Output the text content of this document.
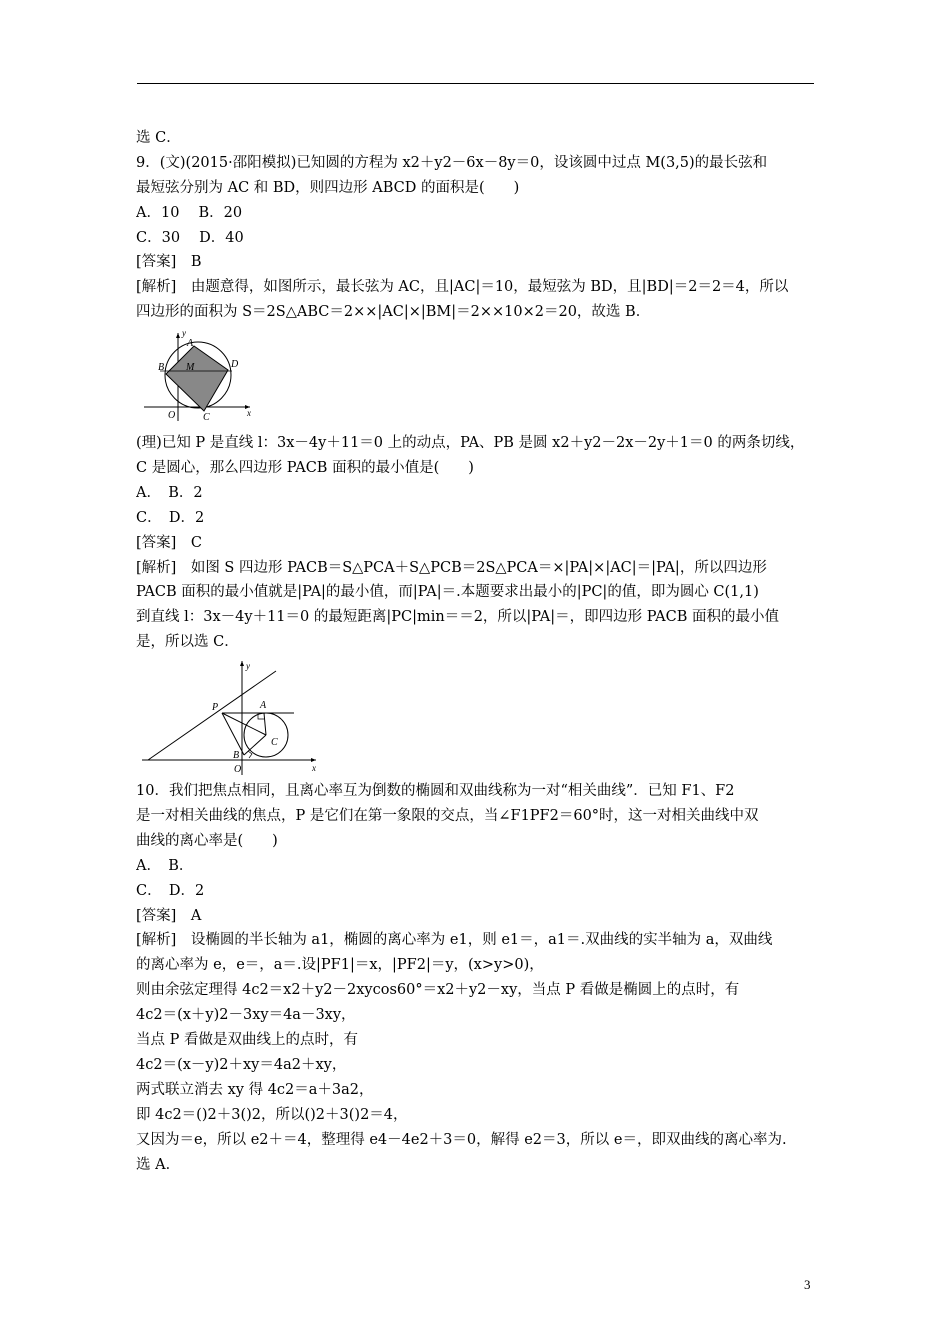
选 C．
9．(文)(2015·邵阳模拟)已知圆的方程为 x2＋y2－6x－8y＝0，设该圆中过点 M(3,5)的最长弦和
最短弦分别为 AC 和 BD，则四边形 ABCD 的面积是(　　)
A．10　 B．20
C．30　 D．40
[答案]　B
[解析]　由题意得，如图所示，最长弦为 AC，且|AC|＝10，最短弦为 BD，且|BD|＝2＝2＝4，所以
四边形的面积为 S＝2S△ABC＝2××|AC|×|BM|＝2××10×2＝20，故选 B．
y
A
B M	D
O	C	x
(理)已知 P 是直线 l：3x－4y＋11＝0 上的动点，PA、PB 是圆 x2＋y2－2x－2y＋1＝0 的两条切线，
C 是圆心，那么四边形 PACB 面积的最小值是(　　)
A．　B．2
C．　D．2
[答案]　C
[解析]　如图 S 四边形 PACB＝S△PCA＋S△PCB＝2S△PCA＝×|PA|×|AC|＝|PA|，所以四边形
PACB 面积的最小值就是|PA|的最小值，而|PA|＝.本题要求出最小的|PC|的值，即为圆心 C(1,1)
到直线 l：3x－4y＋11＝0 的最短距离|PC|min＝＝2，所以|PA|＝，即四边形 PACB 面积的最小值
是，所以选 C．
y
P	A
C
B
O	x
10．我们把焦点相同，且离心率互为倒数的椭圆和双曲线称为一对“相关曲线”．已知 F1、F2
是一对相关曲线的焦点，P 是它们在第一象限的交点，当∠F1PF2＝60°时，这一对相关曲线中双
曲线的离心率是(　　)
A．　B．
C．　D．2
[答案]　A
[解析]　设椭圆的半长轴为 a1，椭圆的离心率为 e1，则 e1＝，a1＝.双曲线的实半轴为 a，双曲线
的离心率为 e，e＝，a＝.设|PF1|＝x，|PF2|＝y，(x>y>0)，
则由余弦定理得 4c2＝x2＋y2－2xycos60°＝x2＋y2－xy，当点 P 看做是椭圆上的点时，有
4c2＝(x＋y)2－3xy＝4a－3xy，
当点 P 看做是双曲线上的点时，有
4c2＝(x－y)2＋xy＝4a2＋xy，
两式联立消去 xy 得 4c2＝a＋3a2，
即 4c2＝()2＋3()2，所以()2＋3()2＝4，
又因为＝e，所以 e2＋＝4，整理得 e4－4e2＋3＝0，解得 e2＝3，所以 e＝，即双曲线的离心率为.
选 A．
3
